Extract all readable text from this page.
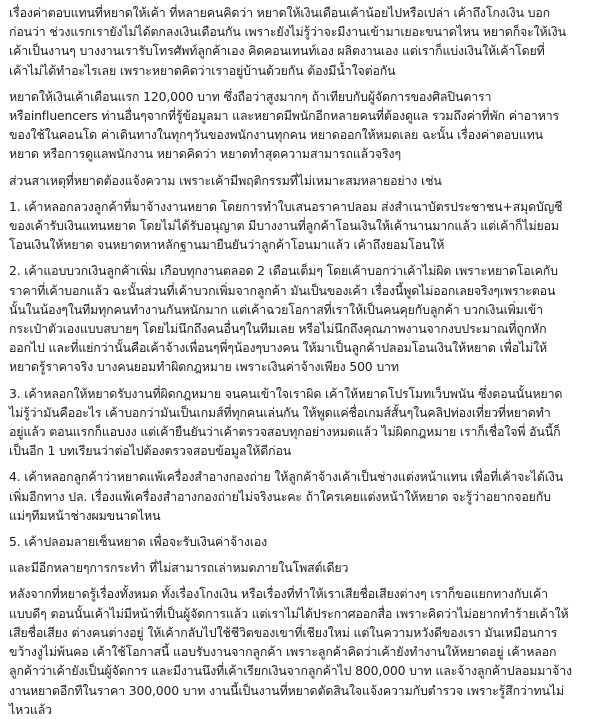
เรื่องค่าตอบแทนที่หยาดให้เค้า ที่หลายคนคิดว่า หยาดให้เงินเดือนเค้าน้อยไปหรือเปล่า เค้าถึงโกงเงิน บอก
ก่อนว่า ช่วงแรกเรายังไม่ได้ตกลงเงินเดือนกัน เพราะยังไม่รู้ว่าจะมีงานเข้ามาเยอะขนาดไหน หยาดก็จะให้เงิน
เค้าเป็นงานๆ บางงานเรารับโทรศัพท์ลูกค้าเอง คิดคอนเทนท์เอง ผลิตงานเอง แต่เราก็แบ่งเงินให้เค้าโดยที่
เค้าไม่ได้ทำอะไรเลย เพราะหยาดคิดว่าเราอยู่บ้านด้วยกัน ต้องมีน้ำใจต่อกัน

หยาดให้เงินเค้าเดือนแรก 120,000 บาท ซึ่งถือว่าสูงมากๆ ถ้าเทียบกับผู้จัดการของศิลปินดารา
หรือinfluencers ท่านอื่นๆจากที่รู้ข้อมูลมา และหยาดมีพนักอีกหลายคนที่ต้องดูแล รวมถึงค่าที่พัก ค่าอาหาร
ของใช้ในคอนโด ค่าเดินทางในทุกๆวันของพนักงานทุกคน หยาดออกให้หมดเลย ฉะนั้น เรื่องค่าตอบแทน
หยาด หรือการดูแลพนักงาน หยาดคิดว่า หยาดทำสุดความสามารถแล้วจริงๆ

ส่วนสาเหตุที่หยาดต้องแจ้งความ เพราะเค้ามีพฤติกรรมที่ไม่เหมาะสมหลายอย่าง เช่น

1. เค้าหลอกลวงลูกค้าที่มาจ้างงานหยาด โดยการทำใบเสนอราคาปลอม ส่งสำเนาบัตรประชาชน+สมุดบัญชี
ของเค้ารับเงินแทนหยาด โดยไม่ได้รับอนุญาต มีบางงานที่ลูกค้าโอนเงินให้เค้านานมากแล้ว แต่เค้าก็ไม่ยอม
โอนเงินให้หยาด จนหยาดหาหลักฐานมายืนยันว่าลูกค้าโอนมาแล้ว เค้าถึงยอมโอนให้

2. เค้าแอบบวกเงินลูกค้าเพิ่ม เกือบทุกงานตลอด 2 เดือนเต็มๆ โดยเค้าบอกว่าเค้าไม่ผิด เพราะหยาดโอเคกับ
ราคาที่เค้าบอกแล้ว ฉะนั้นส่วนที่เค้าบวกเพิ่มจากลูกค้า มันเป็นของเค้า เรื่องนี้พูดไม่ออกเลยจริงๆเพราะตอน
นั้นในน้องๆในทีมทุกคนทำงานกันหนักมาก แต่เค้าฉวยโอกาสที่เราให้เป็นคนคุยกับลูกค้า บวกเงินเพิ่มเข้า
กระเป๋าตัวเองแบบสบายๆ โดยไม่นึกถึงคนอื่นๆในทีมเลย หรือไม่นึกถึงคุณภาพงานจากงบประมาณที่ถูกหัก
ออกไป และที่แย่กว่านั้นคือเค้าจ้างเพื่อนๆพี่ๆน้องๆบางคน ให้มาเป็นลูกค้าปลอมโอนเงินให้หยาด เพื่อไม่ให้
หยาดรู้ราคาจริง บางคนยอมทำผิดกฎหมาย เพราะเงินค่าจ้างเพียง 500 บาท

3. เค้าหลอกให้หยาดรับงานที่ผิดกฎหมาย จนคนเข้าใจเราผิด เค้าให้หยาดโปรโมทเว็บพนัน ซึ่งตอนนั้นหยาด
ไม่รู้ว่ามันคืออะไร เค้าบอกว่ามันเป็นเกมส์ที่ทุกคนเล่นกัน ให้พูดแค่ชื่อเกมส์สั้นๆในคลิปท่องเที่ยวที่หยาดทำ
อยู่แล้ว ตอนแรกก็แอบงง แต่เค้ายืนยันว่าเค้าตรวจสอบทุกอย่างหมดแล้ว ไม่ผิดกฎหมาย เราก็เชื่อใจพี่ อันนี้ก็
เป็นอีก 1 บทเรียนว่าต่อไปต้องตรวจสอบข้อมูลให้ดีก่อน

4. เค้าหลอกลูกค้าว่าหยาดแพ้เครื่องสำอางกองถ่าย ให้ลูกค้าจ้างเค้าเป็นช่างแต่งหน้าแทน เพื่อที่เค้าจะได้เงิน
เพิ่มอีกทาง ปล. เรื่องแพ้เครื่องสำอางกองถ่ายไม่จริงนะคะ ถ้าใครเคยแต่งหน้าให้หยาด จะรู้ว่าอยากจอยกับ
แม่ๆทีมหน้าช่างผมขนาดไหน

5. เค้าปลอมลายเซ็นหยาด เพื่อจะรับเงินค่าจ้างเอง

และมีอีกหลายๆการกระทำ ที่ไม่สามารถเล่าหมดภายในโพสต์เดียว

หลังจากที่หยาดรู้เรื่องทั้งหมด ทั้งเรื่องโกงเงิน หรือเรื่องที่ทำให้เราเสียชื่อเสียงต่างๆ เราก็ขอแยกทางกับเค้า
แบบดีๆ ตอนนั้นเค้าไม่มีหน้าที่เป็นผู้จัดการแล้ว แต่เราไม่ได้ประกาศออกสื่อ เพราะคิดว่าไม่อยากทำร้ายเค้าให้
เสียชื่อเสียง ต่างคนต่างอยู่ ให้เค้ากลับไปใช้ชีวิตของเขาที่เชียงใหม่ แต่ในความหวังดีของเรา มันเหมือนการ
ขว้างงูไม่พ้นคอ เค้าใช้โอกาสนี้ แอบรับงานจากลูกค้า เพราะลูกค้าคิดว่าเค้ายังทำงานให้หยาดอยู่ เค้าหลอก
ลูกค้าว่าเค้ายังเป็นผู้จัดการ และมีงานนึงที่เค้าเรียกเงินจากลูกค้าไป 800,000 บาท และจ้างลูกค้าปลอมมาจ้าง
งานหยาดอีกทีในราคา 300,000 บาท งานนี้เป็นงานที่หยาดตัดสินใจแจ้งความกับตำรวจ เพราะรู้สึกว่าทนไม่
ไหวแล้ว
